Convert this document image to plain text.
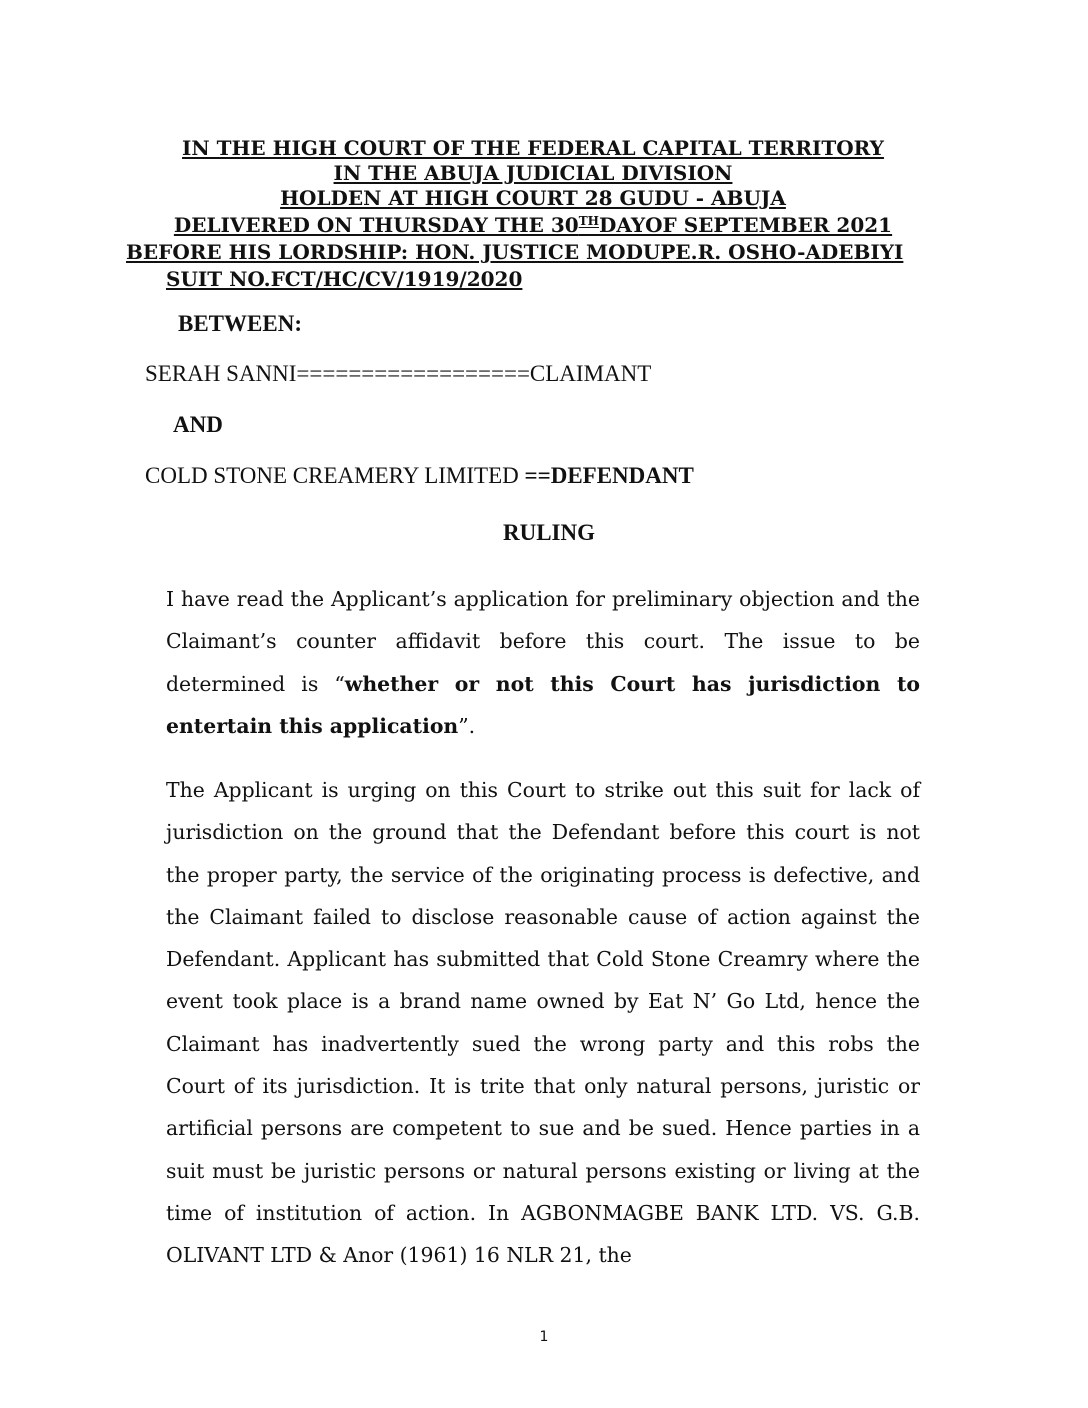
IN THE HIGH COURT OF THE FEDERAL CAPITAL TERRITORY
IN THE ABUJA JUDICIAL DIVISION
HOLDEN AT HIGH COURT 28 GUDU - ABUJA
DELIVERED ON THURSDAY THE 30THDAYOF SEPTEMBER 2021
BEFORE HIS LORDSHIP: HON. JUSTICE MODUPE.R. OSHO-ADEBIYI
SUIT NO.FCT/HC/CV/1919/2020
BETWEEN:
SERAH SANNI==================CLAIMANT
AND
COLD STONE CREAMERY LIMITED ==DEFENDANT
RULING

I have read the Applicant’s application for preliminary objection and the Claimant’s counter affidavit before this court. The issue to be determined is “whether or not this Court has jurisdiction to entertain this application”.

The Applicant is urging on this Court to strike out this suit for lack of jurisdiction on the ground that the Defendant before this court is not the proper party, the service of the originating process is defective, and the Claimant failed to disclose reasonable cause of action against the Defendant. Applicant has submitted that Cold Stone Creamry where the event took place is a brand name owned by Eat N’ Go Ltd, hence the Claimant has inadvertently sued the wrong party and this robs the Court of its jurisdiction. It is trite that only natural persons, juristic or artificial persons are competent to sue and be sued. Hence parties in a suit must be juristic persons or natural persons existing or living at the time of institution of action. In AGBONMAGBE BANK LTD. VS. G.B. OLIVANT LTD & Anor (1961) 16 NLR 21, the

1
